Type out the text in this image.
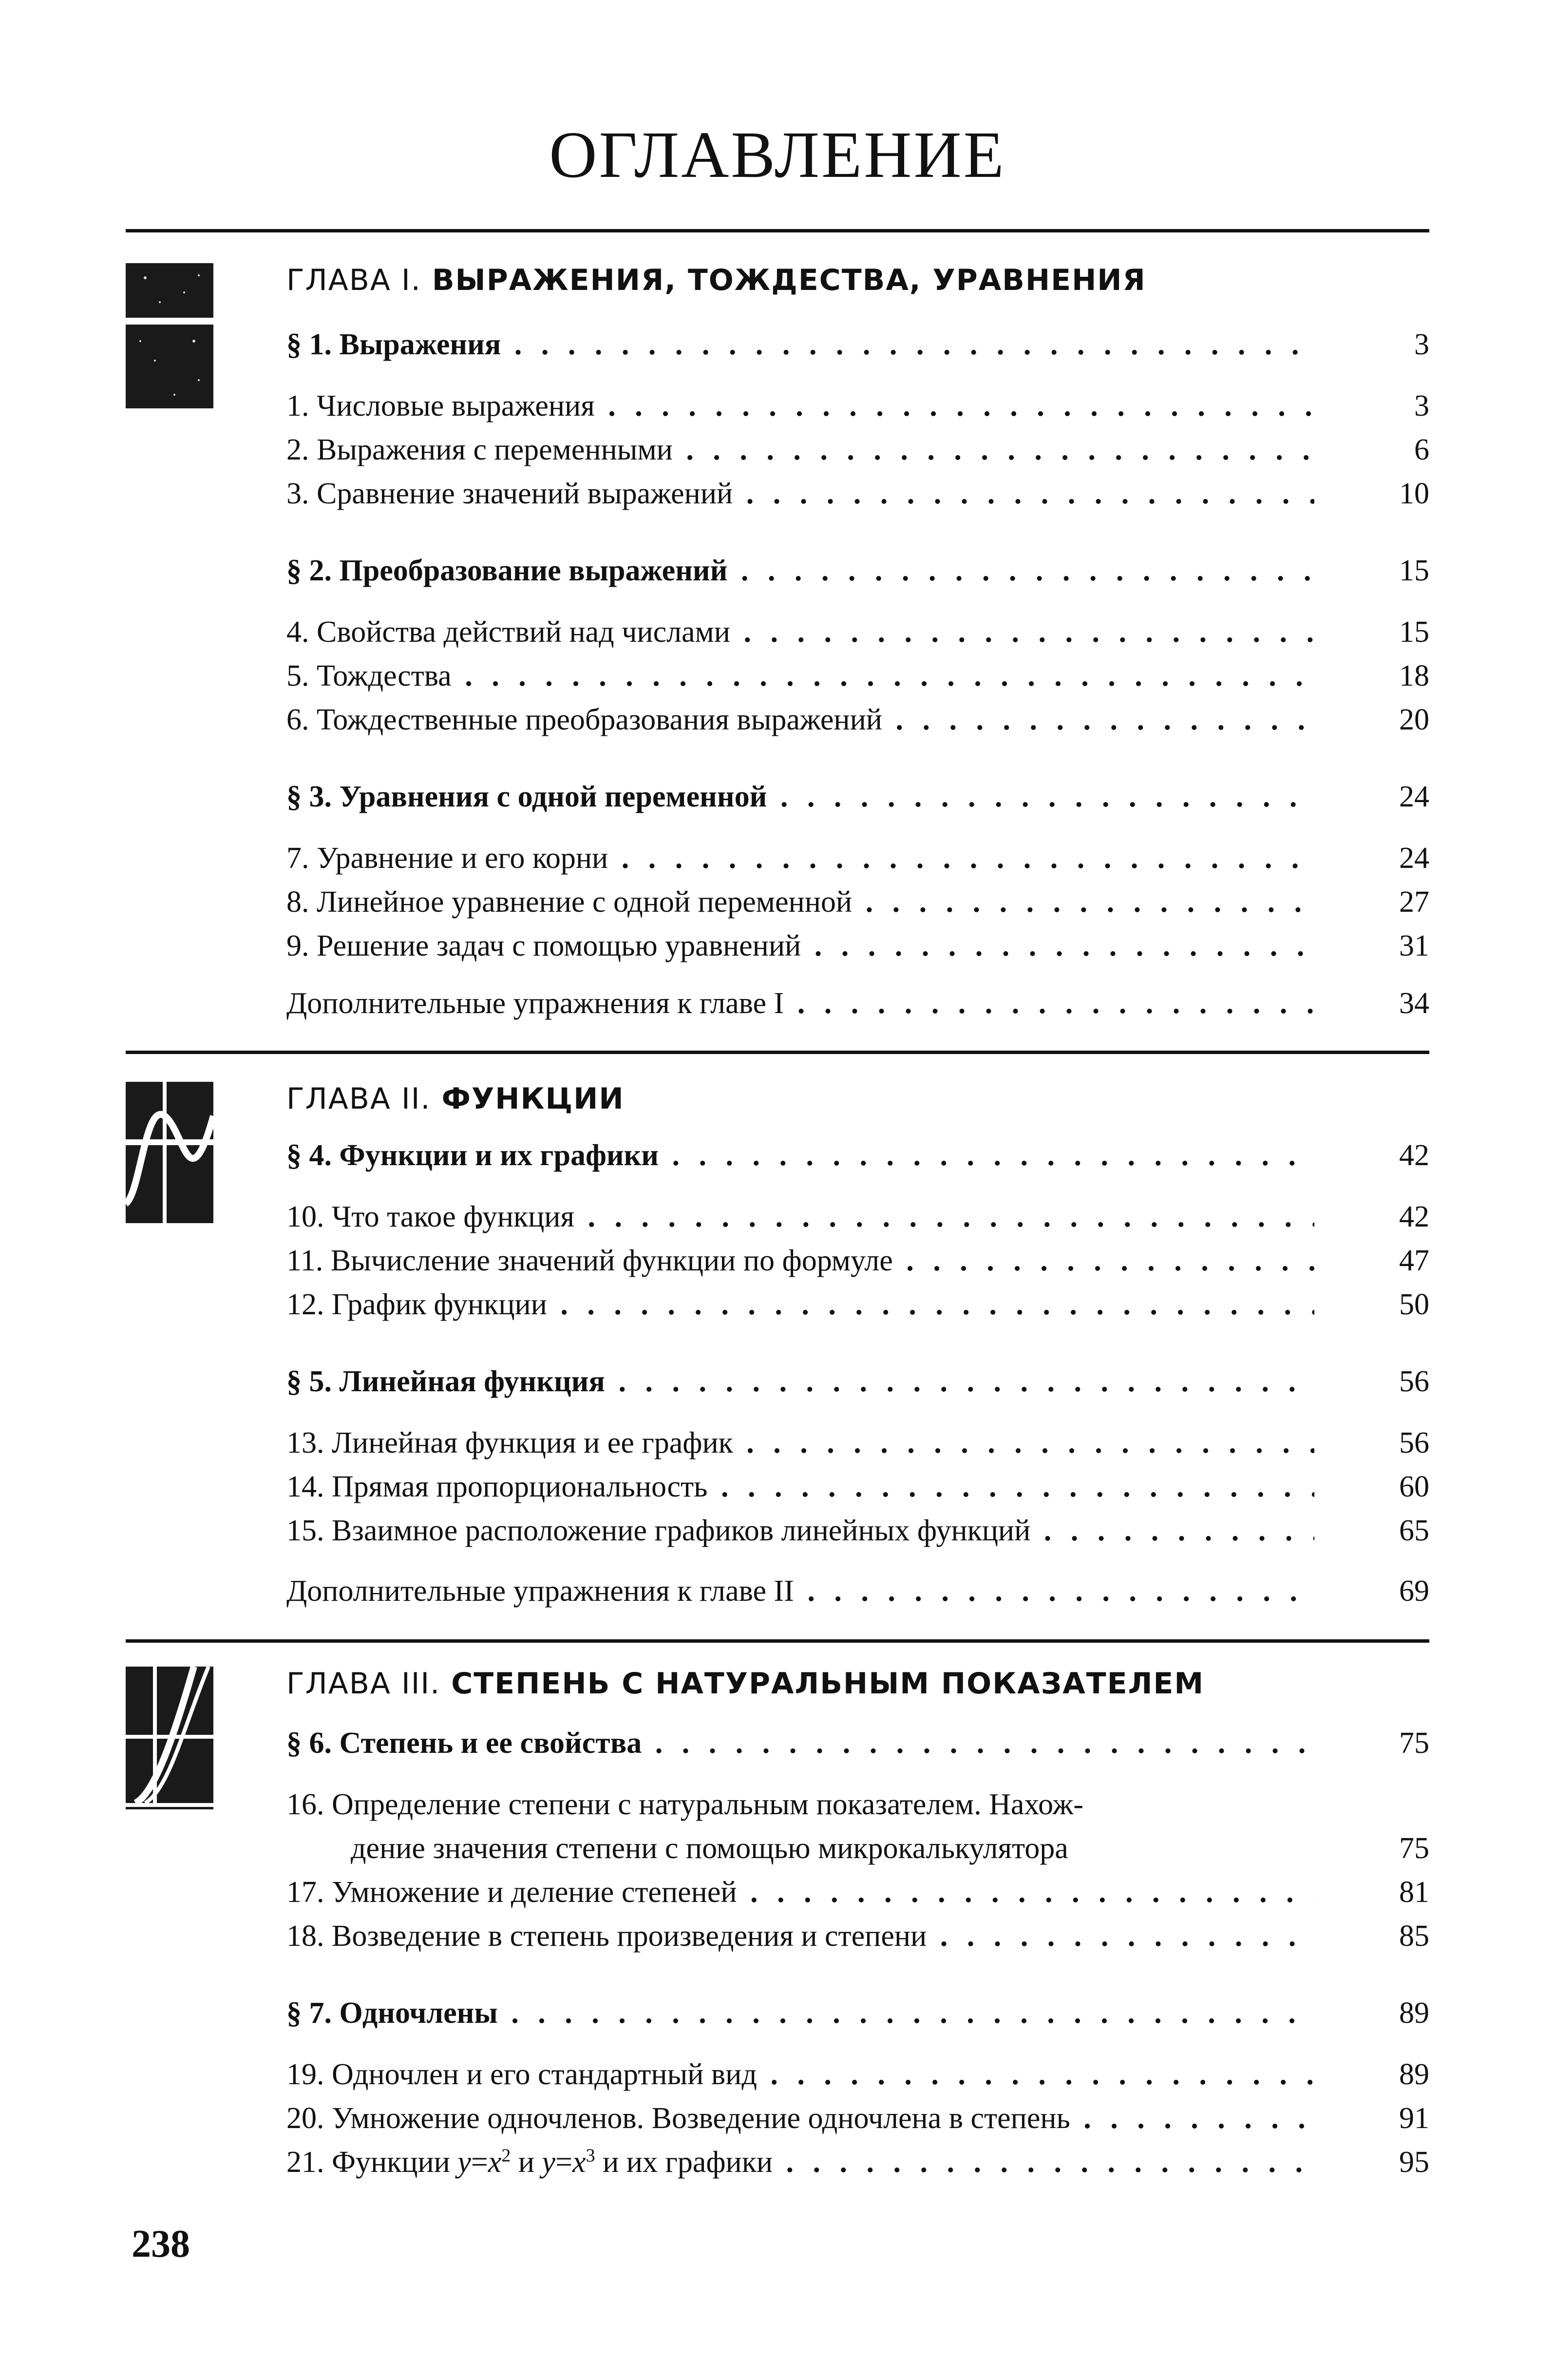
ОГЛАВЛЕНИЕ
ГЛАВА I. ВЫРАЖЕНИЯ, ТОЖДЕСТВА, УРАВНЕНИЯ
§ 1. Выражения . . .	3
1. Числовые выражения . . .	3
2. Выражения с переменными . . .	6
3. Сравнение значений выражений . . .	10
§ 2. Преобразование выражений . . .	15
4. Свойства действий над числами . . .	15
5. Тождества . . .	18
6. Тождественные преобразования выражений . . .	20
§ 3. Уравнения с одной переменной . . .	24
7. Уравнение и его корни . . .	24
8. Линейное уравнение с одной переменной . . .	27
9. Решение задач с помощью уравнений . . .	31
Дополнительные упражнения к главе I . . .	34
ГЛАВА II. ФУНКЦИИ
§ 4. Функции и их графики . . .	42
10. Что такое функция . . .	42
11. Вычисление значений функции по формуле . . .	47
12. График функции . . .	50
§ 5. Линейная функция . . .	56
13. Линейная функция и ее график . . .	56
14. Прямая пропорциональность . . .	60
15. Взаимное расположение графиков линейных функций . . .	65
Дополнительные упражнения к главе II . . .	69
ГЛАВА III. СТЕПЕНЬ С НАТУРАЛЬНЫМ ПОКАЗАТЕЛЕМ
§ 6. Степень и ее свойства . . .	75
16. Определение степени с натуральным показателем. Нахож-
дение значения степени с помощью микрокалькулятора	75
17. Умножение и деление степеней . . .	81
18. Возведение в степень произведения и степени . . .	85
§ 7. Одночлены . . .	89
19. Одночлен и его стандартный вид . . .	89
20. Умножение одночленов. Возведение одночлена в степень . . .	91
21. Функции $y=x^2$ и $y=x^3$ и их графики . . .	95
238
